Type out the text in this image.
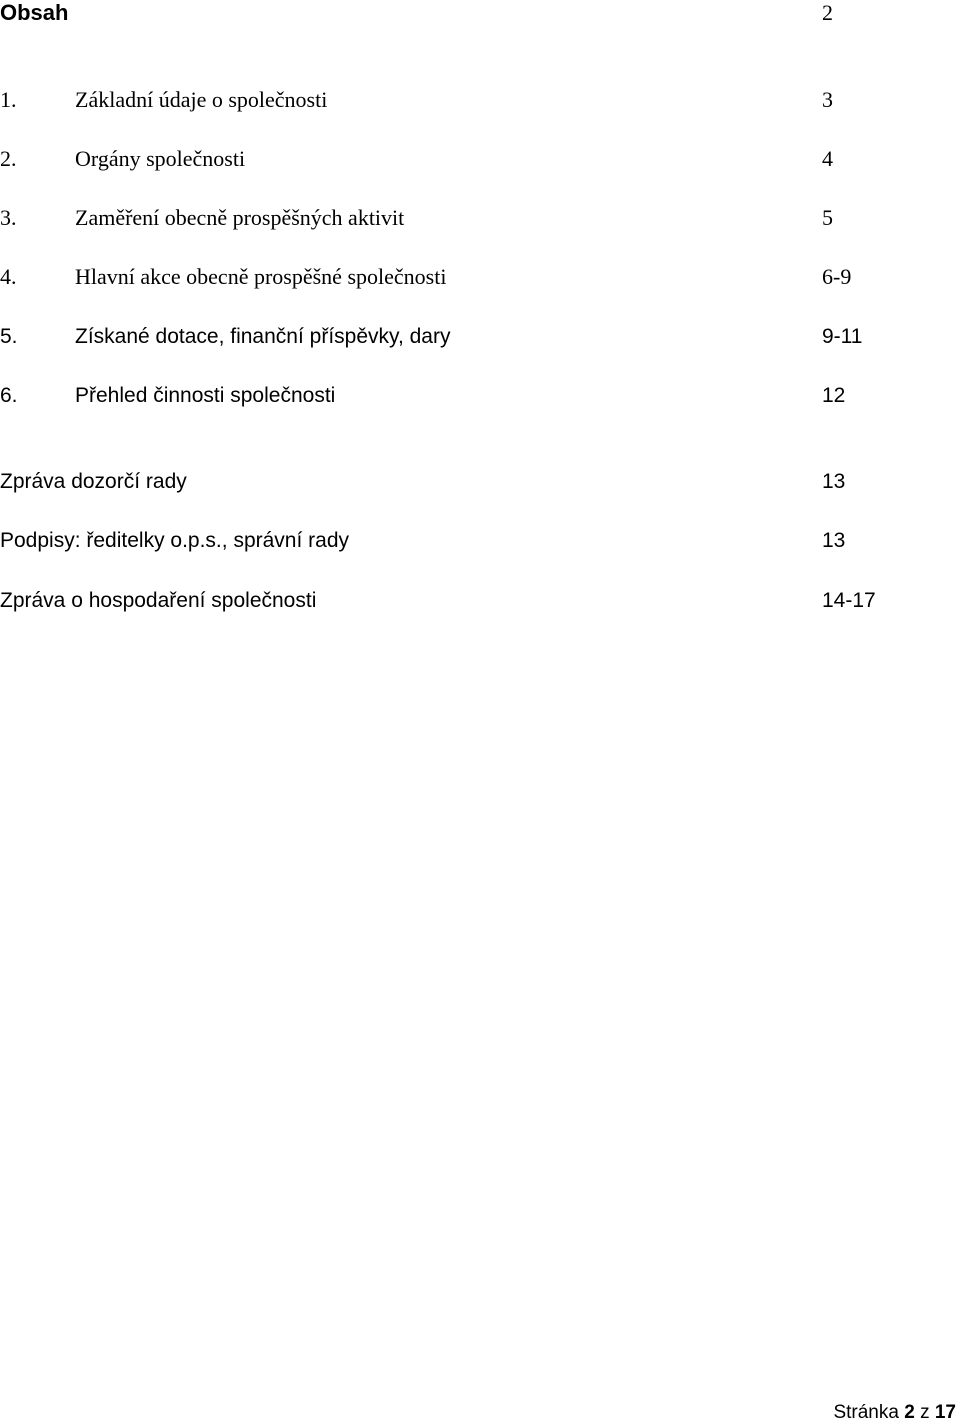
Obsah	2
1.	Základní údaje o společnosti	3
2.	Orgány společnosti	4
3.	Zaměření obecně prospěšných aktivit	5
4.	Hlavní akce obecně prospěšné společnosti	6-9
5.	Získané dotace, finanční příspěvky, dary	9-11
6.	Přehled činnosti společnosti	12
Zpráva dozorčí rady	13
Podpisy: ředitelky o.p.s., správní rady	13
Zpráva o hospodaření společnosti	14-17
Stránka 2 z 17
